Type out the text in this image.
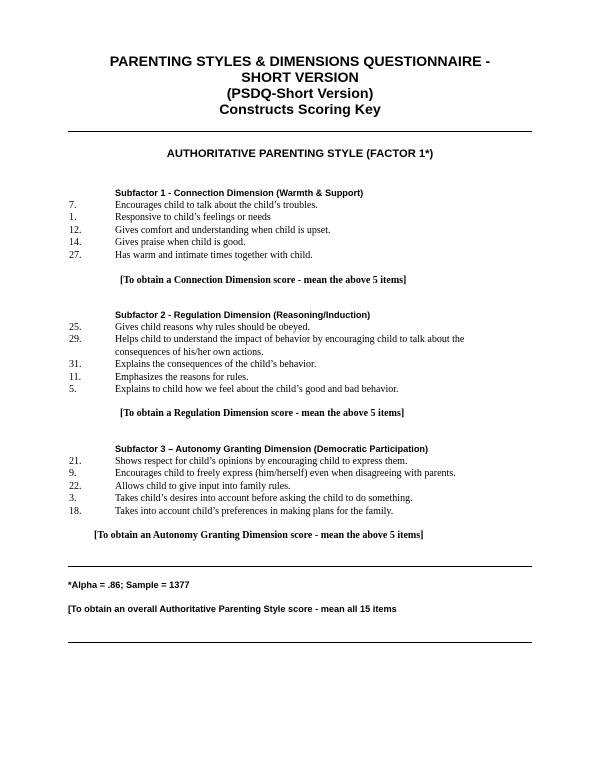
PARENTING STYLES & DIMENSIONS QUESTIONNAIRE -
SHORT VERSION
(PSDQ-Short Version)
Constructs Scoring Key
AUTHORITATIVE PARENTING STYLE (FACTOR 1*)
Subfactor 1 - Connection Dimension (Warmth & Support)
7.	Encourages child to talk about the child’s troubles.
1.	Responsive to child’s feelings or needs
12.	Gives comfort and understanding when child is upset.
14.	Gives praise when child is good.
27.	Has warm and intimate times together with child.
[To obtain a Connection Dimension score - mean the above 5 items]
Subfactor 2 - Regulation Dimension (Reasoning/Induction)
25.	Gives child reasons why rules should be obeyed.
29.	Helps child to understand the impact of behavior by encouraging child to talk about the consequences of his/her own actions.
31.	Explains the consequences of the child’s behavior.
11.	Emphasizes the reasons for rules.
5.	Explains to child how we feel about the child’s good and bad behavior.
[To obtain a Regulation Dimension score - mean the above 5 items]
Subfactor 3 – Autonomy Granting Dimension (Democratic Participation)
21.	Shows respect for child’s opinions by encouraging child to express them.
9.	Encourages child to freely express (him/herself) even when disagreeing with parents.
22.	Allows child to give input into family rules.
3.	Takes child’s desires into account before asking the child to do something.
18.	Takes into account child’s preferences in making plans for the family.
[To obtain an Autonomy Granting Dimension score - mean the above 5 items]
*Alpha = .86; Sample = 1377
[To obtain an overall Authoritative Parenting Style score - mean all 15 items
